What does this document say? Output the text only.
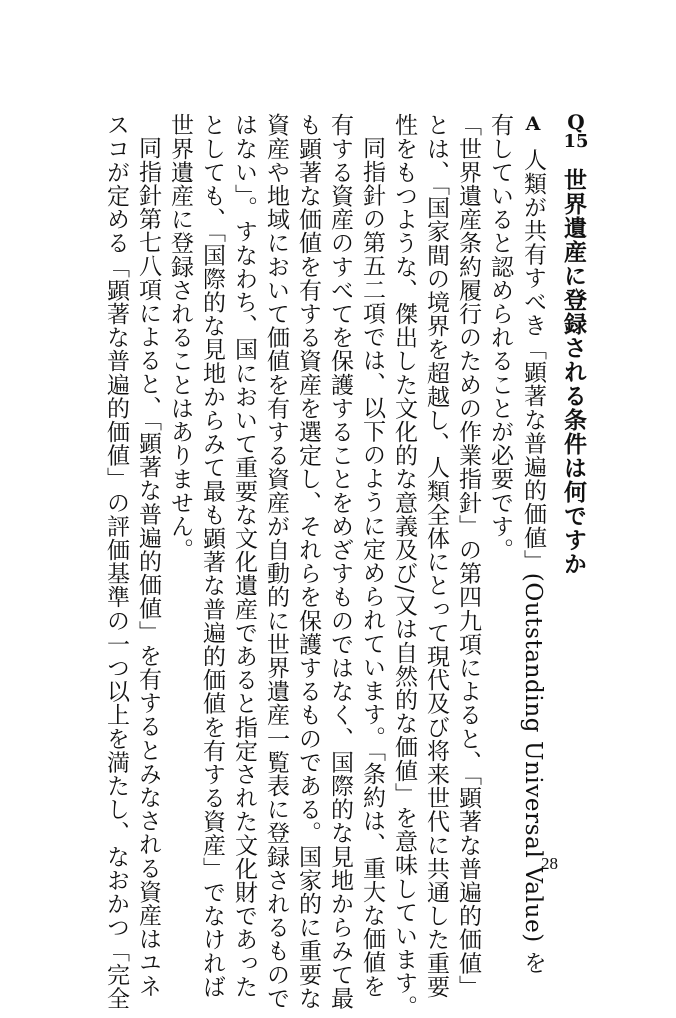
Q
15
世界遺産に登録される条件は何ですか
A
人類が共有すべき「顕著な普遍的価値」(Outstanding Universal Value) を
有していると認められることが必要です。
「世界遺産条約履行のための作業指針」の第四九項によると、「顕著な普遍的価値」
とは、「国家間の境界を超越し、人類全体にとって現代及び将来世代に共通した重要
性をもつような、傑出した文化的な意義及び/又は自然的な価値」を意味しています。
同指針の第五二項では、以下のように定められています。「条約は、重大な価値を
有する資産のすべてを保護することをめざすものではなく、国際的な見地からみて最
も顕著な価値を有する資産を選定し、それらを保護するものである。国家的に重要な
資産や地域において価値を有する資産が自動的に世界遺産一覧表に登録されるもので
はない」。すなわち、国において重要な文化遺産であると指定された文化財であった
としても、「国際的な見地からみて最も顕著な普遍的価値を有する資産」でなければ
世界遺産に登録されることはありません。
同指針第七八項によると、「顕著な普遍的価値」を有するとみなされる資産はユネ
スコが定める「顕著な普遍的価値」の評価基準の一つ以上を満たし、なおかつ「完全	28
